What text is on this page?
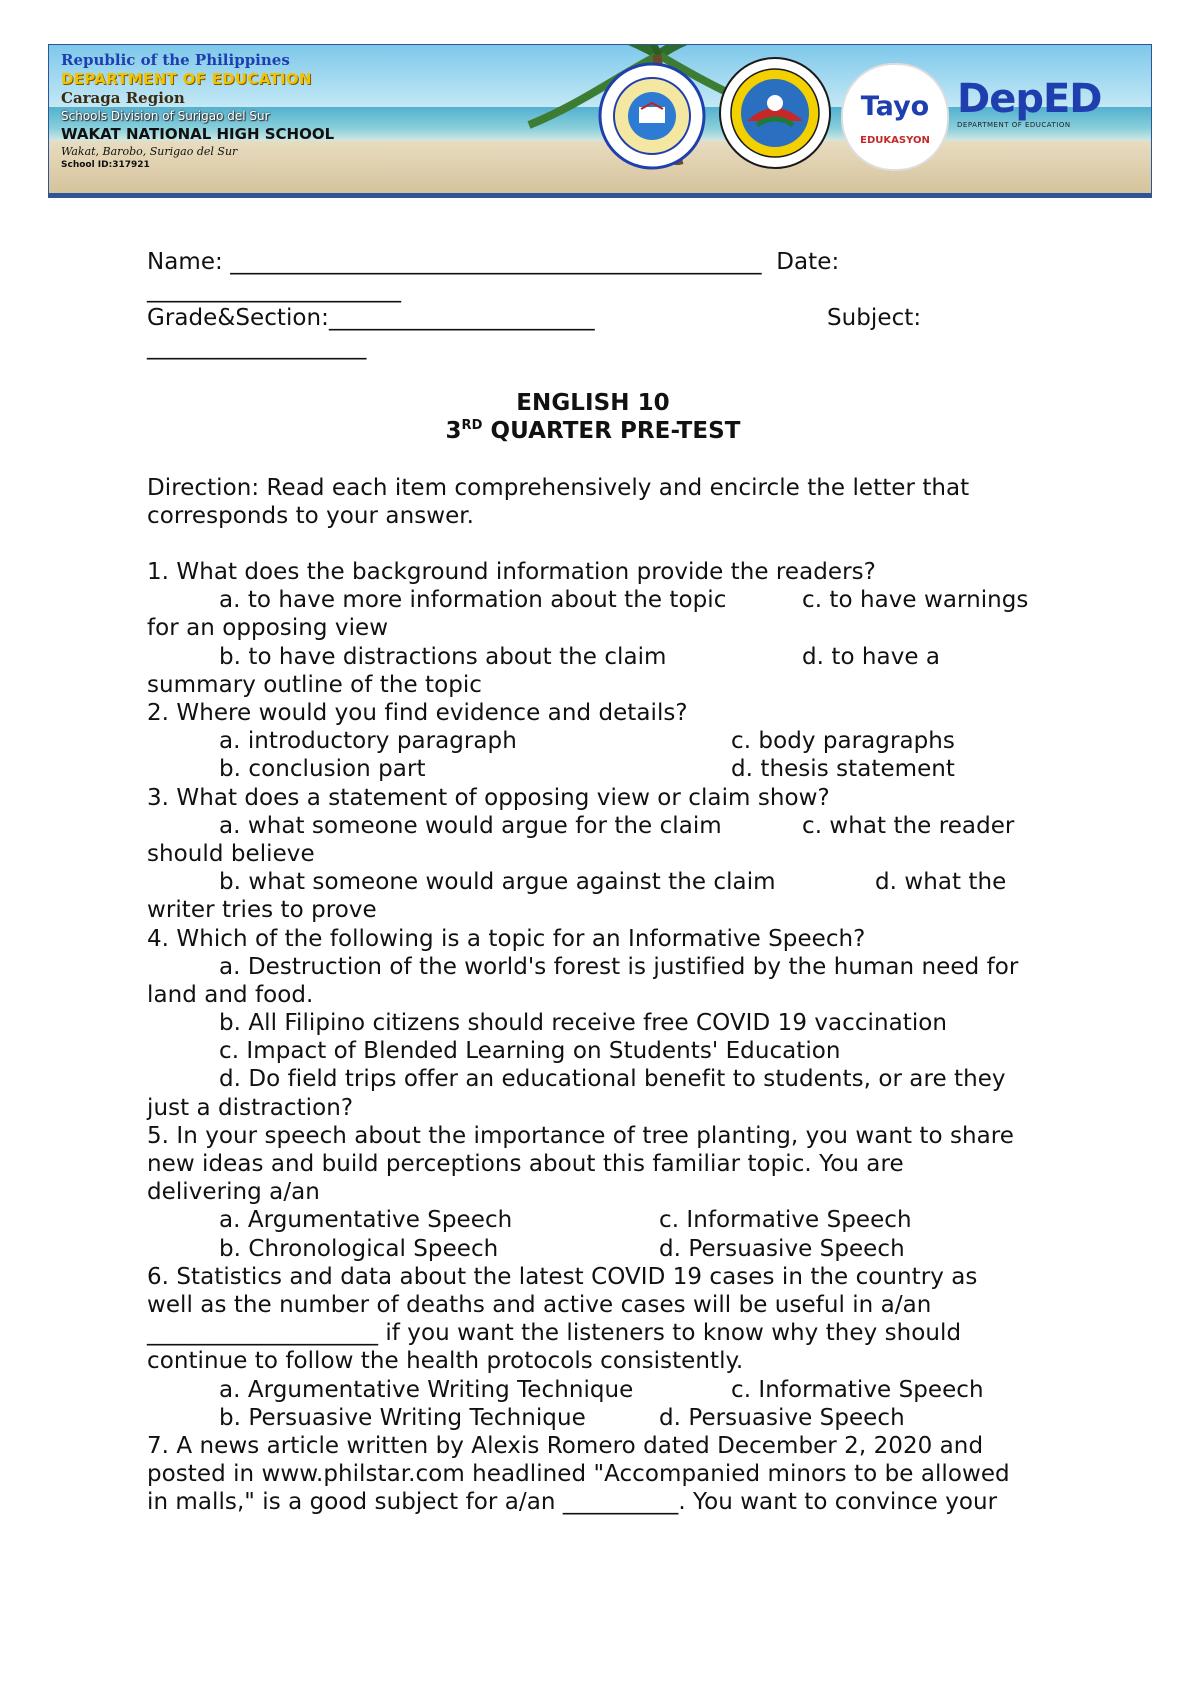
Republic of the Philippines
DEPARTMENT OF EDUCATION
Caraga Region
Schools Division of Surigao del Sur
WAKAT NATIONAL HIGH SCHOOL
Wakat, Barobo, Surigao del Sur
School ID:317921
Tayo
EDUKASYON
DepED
DEPARTMENT OF EDUCATION
Name: ______________________________________________ Date:
______________________
Grade&Section:_______________________	Subject:
___________________
ENGLISH 10
3RD QUARTER PRE-TEST
Direction: Read each item comprehensively and encircle the letter that
corresponds to your answer.
1. What does the background information provide the readers?
a. to have more information about the topic	c. to have warnings
for an opposing view
b. to have distractions about the claim	d. to have a
summary outline of the topic
2. Where would you find evidence and details?
a. introductory paragraph	c. body paragraphs
b. conclusion part	d. thesis statement
3. What does a statement of opposing view or claim show?
a. what someone would argue for the claim	c. what the reader
should believe
b. what someone would argue against the claim	d. what the
writer tries to prove
4. Which of the following is a topic for an Informative Speech?
a. Destruction of the world's forest is justified by the human need for
land and food.
b. All Filipino citizens should receive free COVID 19 vaccination
c. Impact of Blended Learning on Students' Education
d. Do field trips offer an educational benefit to students, or are they
just a distraction?
5. In your speech about the importance of tree planting, you want to share
new ideas and build perceptions about this familiar topic. You are
delivering a/an
a. Argumentative Speech	c. Informative Speech
b. Chronological Speech	d. Persuasive Speech
6. Statistics and data about the latest COVID 19 cases in the country as
well as the number of deaths and active cases will be useful in a/an
____________________ if you want the listeners to know why they should
continue to follow the health protocols consistently.
a. Argumentative Writing Technique	c. Informative Speech
b. Persuasive Writing Technique	d. Persuasive Speech
7. A news article written by Alexis Romero dated December 2, 2020 and
posted in www.philstar.com headlined "Accompanied minors to be allowed
in malls," is a good subject for a/an __________. You want to convince your
